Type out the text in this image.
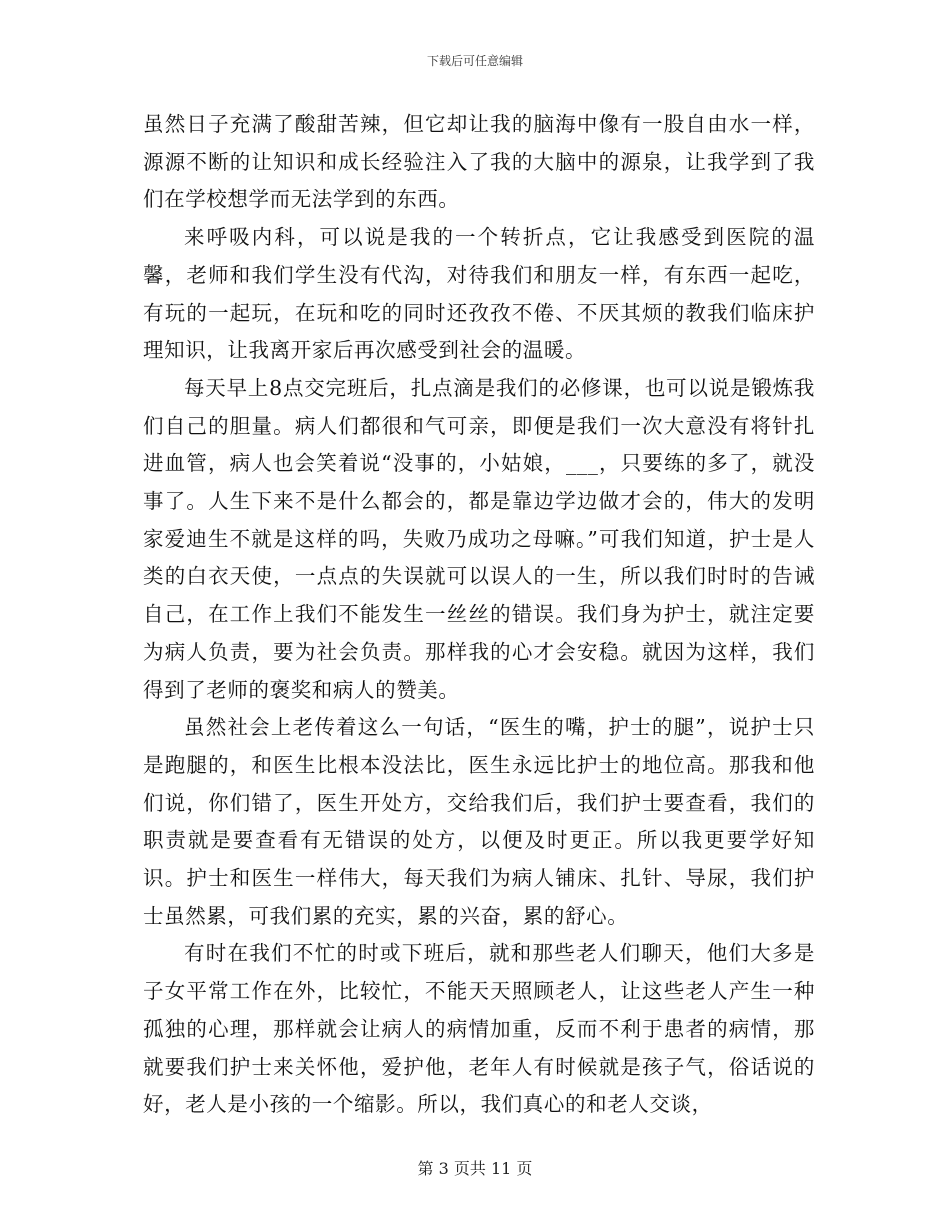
下载后可任意编辑

虽然日子充满了酸甜苦辣，但它却让我的脑海中像有一股自由水一样，源源不断的让知识和成长经验注入了我的大脑中的源泉，让我学到了我们在学校想学而无法学到的东西。

来呼吸内科，可以说是我的一个转折点，它让我感受到医院的温馨，老师和我们学生没有代沟，对待我们和朋友一样，有东西一起吃，有玩的一起玩，在玩和吃的同时还孜孜不倦、不厌其烦的教我们临床护理知识，让我离开家后再次感受到社会的温暖。

每天早上8点交完班后，扎点滴是我们的必修课，也可以说是锻炼我们自己的胆量。病人们都很和气可亲，即便是我们一次大意没有将针扎进血管，病人也会笑着说“没事的，小姑娘，___，只要练的多了，就没事了。人生下来不是什么都会的，都是靠边学边做才会的，伟大的发明家爱迪生不就是这样的吗，失败乃成功之母嘛。”可我们知道，护士是人类的白衣天使，一点点的失误就可以误人的一生，所以我们时时的告诫自己，在工作上我们不能发生一丝丝的错误。我们身为护士，就注定要为病人负责，要为社会负责。那样我的心才会安稳。就因为这样，我们得到了老师的褒奖和病人的赞美。

虽然社会上老传着这么一句话，“医生的嘴，护士的腿”，说护士只是跑腿的，和医生比根本没法比，医生永远比护士的地位高。那我和他们说，你们错了，医生开处方，交给我们后，我们护士要查看，我们的职责就是要查看有无错误的处方，以便及时更正。所以我更要学好知识。护士和医生一样伟大，每天我们为病人铺床、扎针、导尿，我们护士虽然累，可我们累的充实，累的兴奋，累的舒心。

有时在我们不忙的时或下班后，就和那些老人们聊天，他们大多是子女平常工作在外，比较忙，不能天天照顾老人，让这些老人产生一种孤独的心理，那样就会让病人的病情加重，反而不利于患者的病情，那就要我们护士来关怀他，爱护他，老年人有时候就是孩子气，俗话说的好，老人是小孩的一个缩影。所以，我们真心的和老人交谈，

第 3 页共 11 页
